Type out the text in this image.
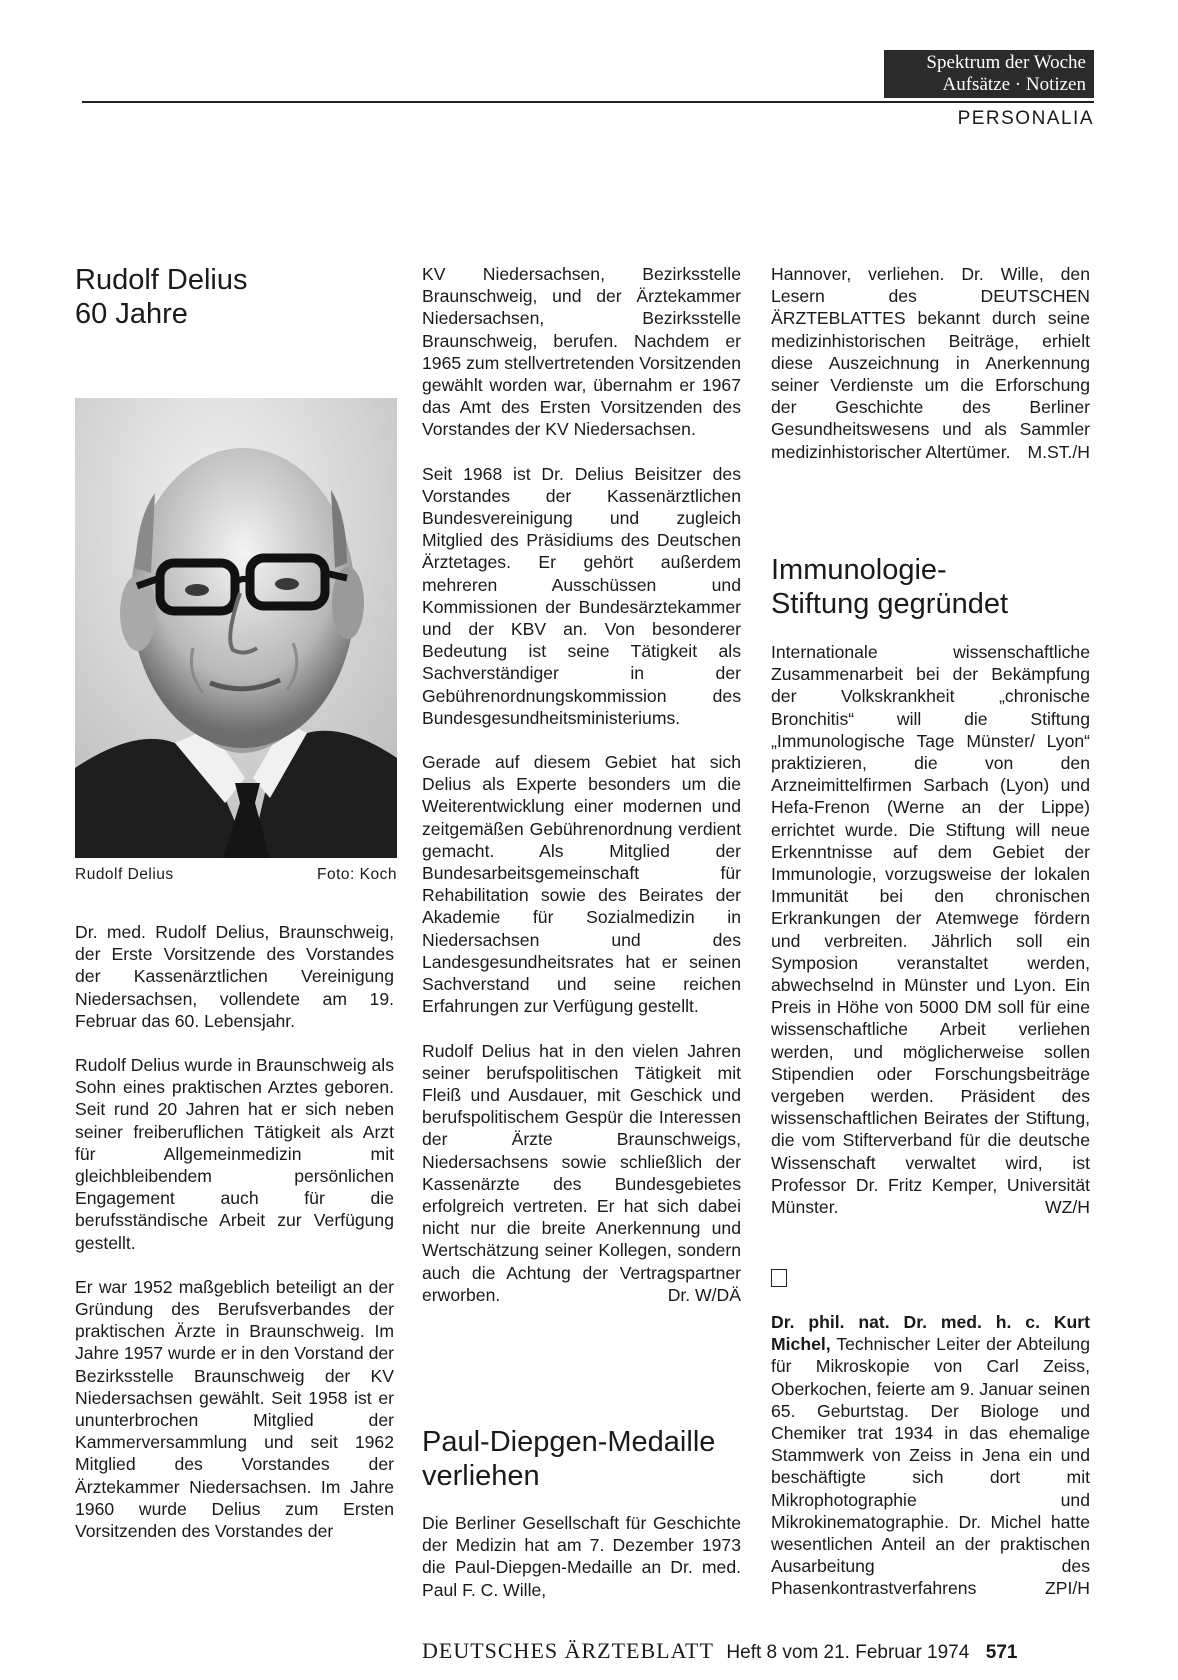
Spektrum der Woche
Aufsätze · Notizen
PERSONALIA
Rudolf Delius
60 Jahre
Rudolf Delius	Foto: Koch

Dr. med. Rudolf Delius, Braunschweig, der Erste Vorsitzende des Vorstandes der Kassenärztlichen Vereinigung Niedersachsen, vollendete am 19. Februar das 60. Lebensjahr.

Rudolf Delius wurde in Braunschweig als Sohn eines praktischen Arztes geboren. Seit rund 20 Jahren hat er sich neben seiner freiberuflichen Tätigkeit als Arzt für Allgemeinmedizin mit gleichbleibendem persönlichen Engagement auch für die berufsständische Arbeit zur Verfügung gestellt.

Er war 1952 maßgeblich beteiligt an der Gründung des Berufsverbandes der praktischen Ärzte in Braunschweig. Im Jahre 1957 wurde er in den Vorstand der Bezirksstelle Braunschweig der KV Niedersachsen gewählt. Seit 1958 ist er ununterbrochen Mitglied der Kammerversammlung und seit 1962 Mitglied des Vorstandes der Ärztekammer Niedersachsen. Im Jahre 1960 wurde Delius zum Ersten Vorsitzenden des Vorstandes der

KV Niedersachsen, Bezirksstelle Braunschweig, und der Ärztekammer Niedersachsen, Bezirksstelle Braunschweig, berufen. Nachdem er 1965 zum stellvertretenden Vorsitzenden gewählt worden war, übernahm er 1967 das Amt des Ersten Vorsitzenden des Vorstandes der KV Niedersachsen.

Seit 1968 ist Dr. Delius Beisitzer des Vorstandes der Kassenärztlichen Bundesvereinigung und zugleich Mitglied des Präsidiums des Deutschen Ärztetages. Er gehört außerdem mehreren Ausschüssen und Kommissionen der Bundesärztekammer und der KBV an. Von besonderer Bedeutung ist seine Tätigkeit als Sachverständiger in der Gebührenordnungskommission des Bundesgesundheitsministeriums.

Gerade auf diesem Gebiet hat sich Delius als Experte besonders um die Weiterentwicklung einer modernen und zeitgemäßen Gebührenordnung verdient gemacht. Als Mitglied der Bundesarbeitsgemeinschaft für Rehabilitation sowie des Beirates der Akademie für Sozialmedizin in Niedersachsen und des Landesgesundheitsrates hat er seinen Sachverstand und seine reichen Erfahrungen zur Verfügung gestellt.

Rudolf Delius hat in den vielen Jahren seiner berufspolitischen Tätigkeit mit Fleiß und Ausdauer, mit Geschick und berufspolitischem Gespür die Interessen der Ärzte Braunschweigs, Niedersachsens sowie schließlich der Kassenärzte des Bundesgebietes erfolgreich vertreten. Er hat sich dabei nicht nur die breite Anerkennung und Wertschätzung seiner Kollegen, sondern auch die Achtung der Vertragspartner erworben.	Dr. W/DÄ

Paul-Diepgen-Medaille
verliehen

Die Berliner Gesellschaft für Geschichte der Medizin hat am 7. Dezember 1973 die Paul-Diepgen-Medaille an Dr. med. Paul F. C. Wille,

Hannover, verliehen. Dr. Wille, den Lesern des DEUTSCHEN ÄRZTEBLATTES bekannt durch seine medizinhistorischen Beiträge, erhielt diese Auszeichnung in Anerkennung seiner Verdienste um die Erforschung der Geschichte des Berliner Gesundheitswesens und als Sammler medizinhistorischer Altertümer. M.ST./H

Immunologie-
Stiftung gegründet

Internationale wissenschaftliche Zusammenarbeit bei der Bekämpfung der Volkskrankheit „chronische Bronchitis“ will die Stiftung „Immunologische Tage Münster/ Lyon“ praktizieren, die von den Arzneimittelfirmen Sarbach (Lyon) und Hefa-Frenon (Werne an der Lippe) errichtet wurde. Die Stiftung will neue Erkenntnisse auf dem Gebiet der Immunologie, vorzugsweise der lokalen Immunität bei den chronischen Erkrankungen der Atemwege fördern und verbreiten. Jährlich soll ein Symposion veranstaltet werden, abwechselnd in Münster und Lyon. Ein Preis in Höhe von 5000 DM soll für eine wissenschaftliche Arbeit verliehen werden, und möglicherweise sollen Stipendien oder Forschungsbeiträge vergeben werden. Präsident des wissenschaftlichen Beirates der Stiftung, die vom Stifterverband für die deutsche Wissenschaft verwaltet wird, ist Professor Dr. Fritz Kemper, Universität Münster.	WZ/H

Dr. phil. nat. Dr. med. h. c. Kurt Michel, Technischer Leiter der Abteilung für Mikroskopie von Carl Zeiss, Oberkochen, feierte am 9. Januar seinen 65. Geburtstag. Der Biologe und Chemiker trat 1934 in das ehemalige Stammwerk von Zeiss in Jena ein und beschäftigte sich dort mit Mikrophotographie und Mikrokinematographie. Dr. Michel hatte wesentlichen Anteil an der praktischen Ausarbeitung des Phasenkontrastverfahrens	ZPI/H

DEUTSCHES ÄRZTEBLATT Heft 8 vom 21. Februar 1974 571
